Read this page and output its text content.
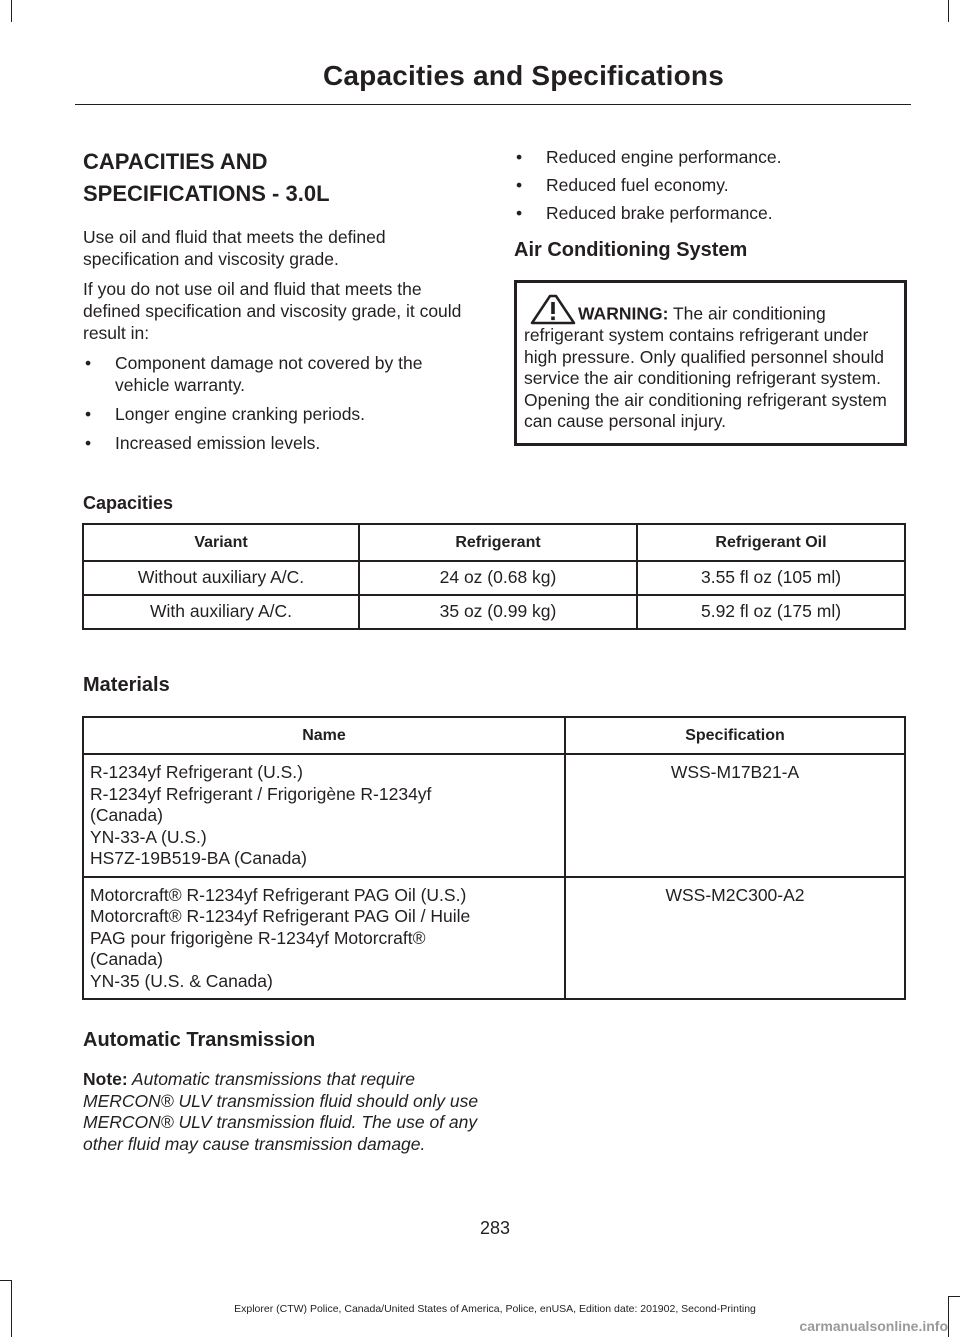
Capacities and Specifications
CAPACITIES AND
SPECIFICATIONS - 3.0L

Use oil and fluid that meets the defined specification and viscosity grade.

If you do not use oil and fluid that meets the defined specification and viscosity grade, it could result in:

• Component damage not covered by the vehicle warranty.
• Longer engine cranking periods.
• Increased emission levels.
• Reduced engine performance.
• Reduced fuel economy.
• Reduced brake performance.
Air Conditioning System
WARNING: The air conditioning refrigerant system contains refrigerant under high pressure. Only qualified personnel should service the air conditioning refrigerant system. Opening the air conditioning refrigerant system can cause personal injury.
Capacities
Variant	Refrigerant	Refrigerant Oil
Without auxiliary A/C.	24 oz (0.68 kg)	3.55 fl oz (105 ml)
With auxiliary A/C.	35 oz (0.99 kg)	5.92 fl oz (175 ml)
Materials
Name	Specification
R-1234yf Refrigerant (U.S.)
R-1234yf Refrigerant / Frigorigène R-1234yf
(Canada)
YN-33-A (U.S.)
HS7Z-19B519-BA (Canada)	WSS-M17B21-A
Motorcraft® R-1234yf Refrigerant PAG Oil (U.S.)
Motorcraft® R-1234yf Refrigerant PAG Oil / Huile
PAG pour frigorigène R-1234yf Motorcraft®
(Canada)
YN-35 (U.S. & Canada)	WSS-M2C300-A2
Automatic Transmission
Note: Automatic transmissions that require MERCON® ULV transmission fluid should only use MERCON® ULV transmission fluid. The use of any other fluid may cause transmission damage.
283
Explorer (CTW) Police, Canada/United States of America, Police, enUSA, Edition date: 201902, Second-Printing
carmanualsonline.info
